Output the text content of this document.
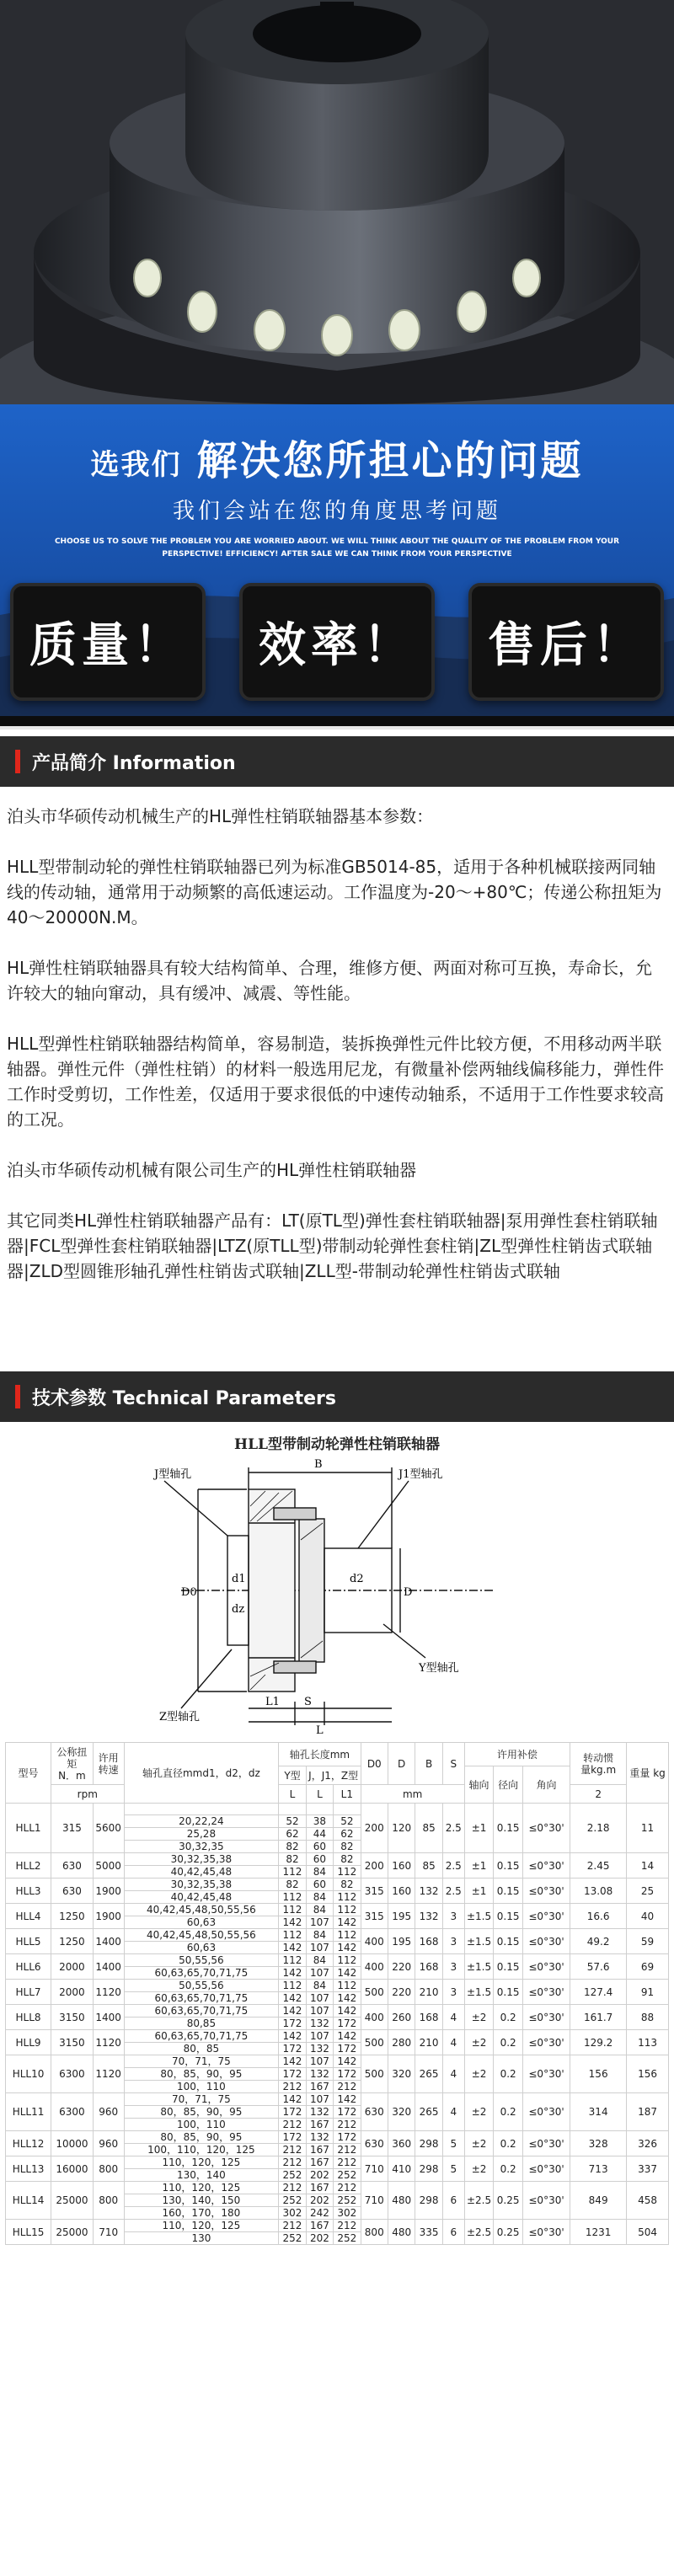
选我们 解决您所担心的问题
我们会站在您的角度思考问题
CHOOSE US TO SOLVE THE PROBLEM YOU ARE WORRIED ABOUT. WE WILL THINK ABOUT THE QUALITY OF THE PROBLEM FROM YOUR PERSPECTIVE! EFFICIENCY! AFTER SALE WE CAN THINK FROM YOUR PERSPECTIVE
质量！ 效率！ 售后！
产品简介 Information

泊头市华硕传动机械生产的HL弹性柱销联轴器基本参数：

HLL型带制动轮的弹性柱销联轴器已列为标准GB5014-85，适用于各种机械联接两同轴线的传动轴，通常用于动频繁的高低速运动。工作温度为-20～+80℃；传递公称扭矩为40～20000N.M。

HL弹性柱销联轴器具有较大结构简单、合理，维修方便、两面对称可互换，寿命长，允许较大的轴向窜动，具有缓冲、减震、等性能。

HLL型弹性柱销联轴器结构简单，容易制造，装拆换弹性元件比较方便，不用移动两半联轴器。弹性元件（弹性柱销）的材料一般选用尼龙，有微量补偿两轴线偏移能力，弹性件工作时受剪切，工作性差，仅适用于要求很低的中速传动轴系，不适用于工作性要求较高的工况。

泊头市华硕传动机械有限公司生产的HL弹性柱销联轴器

其它同类HL弹性柱销联轴器产品有：LT(原TL型)弹性套柱销联轴器|泵用弹性套柱销联轴器|FCL型弹性套柱销联轴器|LTZ(原TLL型)带制动轮弹性套柱销|ZL型弹性柱销齿式联轴器|ZLD型圆锥形轴孔弹性柱销齿式联轴|ZLL型-带制动轮弹性柱销齿式联轴

技术参数 Technical Parameters
HLL型带制动轮弹性柱销联轴器
J型轴孔	J1型轴孔
Y型轴孔
Z型轴孔
B
S
L
L1
D0	D
d1
dz
d2
型号	公称扭矩
N．m	许用
转速	轴孔直径mmd1，d2，dz	轴孔长度mm			D0	D	B	S	许用补偿			转动惯
量kg.m	重量 kg
				Y型	J，J1，Z型						轴向	径向	角向		
	rpm			L	L	L1	mm							2	
HLL1	315	5600					200	120	85	2.5	±1	0.15	≤0°30'	2.18	11
			20,22,24	52	38	52									
			25,28	62	44	62									
			30,32,35	82	60	82									
HLL2	630	5000	30,32,35,38	82	60	82	200	160	85	2.5	±1	0.15	≤0°30'	2.45	14
			40,42,45,48	112	84	112									
HLL3	630	1900	30,32,35,38	82	60	82	315	160	132	2.5	±1	0.15	≤0°30'	13.08	25
			40,42,45,48	112	84	112									
HLL4	1250	1900	40,42,45,48,50,55,56	112	84	112	315	195	132	3	±1.5	0.15	≤0°30'	16.6	40
			60,63	142	107	142									
HLL5	1250	1400	40,42,45,48,50,55,56	112	84	112	400	195	168	3	±1.5	0.15	≤0°30'	49.2	59
			60,63	142	107	142									
HLL6	2000	1400	50,55,56	112	84	112	400	220	168	3	±1.5	0.15	≤0°30'	57.6	69
			60,63,65,70,71,75	142	107	142									
HLL7	2000	1120	50,55,56	112	84	112	500	220	210	3	±1.5	0.15	≤0°30'	127.4	91
			60,63,65,70,71,75	142	107	142									
HLL8	3150	1400	60,63,65,70,71,75	142	107	142	400	260	168	4	±2	0.2	≤0°30'	161.7	88
			80,85	172	132	172									
HLL9	3150	1120	60,63,65,70,71,75	142	107	142	500	280	210	4	±2	0.2	≤0°30'	129.2	113
			80，85	172	132	172									
HLL10	6300	1120	70，71，75	142	107	142	500	320	265	4	±2	0.2	≤0°30'	156	156
			80，85，90，95	172	132	172									
			100，110	212	167	212									
HLL11	6300	960	70，71，75	142	107	142	630	320	265	4	±2	0.2	≤0°30'	314	187
			80，85，90，95	172	132	172									
			100，110	212	167	212									
HLL12	10000	960	80，85，90，95	172	132	172	630	360	298	5	±2	0.2	≤0°30'	328	326
			100，110，120，125	212	167	212									
HLL13	16000	800	110，120，125	212	167	212	710	410	298	5	±2	0.2	≤0°30'	713	337
			130，140	252	202	252									
HLL14	25000	800	110，120，125	212	167	212	710	480	298	6	±2.5	0.25	≤0°30'	849	458
			130，140，150	252	202	252									
			160，170，180	302	242	302									
HLL15	25000	710	110，120，125	212	167	212	800	480	335	6	±2.5	0.25	≤0°30'	1231	504
			130	252	202	252									
